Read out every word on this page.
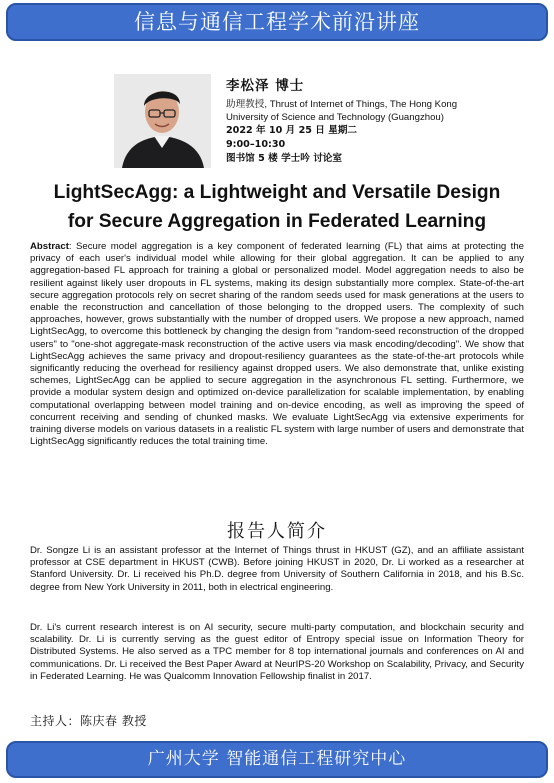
信息与通信工程学术前沿讲座
李松泽 博士
助理教授, Thrust of Internet of Things, The Hong Kong
University of Science and Technology (Guangzhou)
2022 年 10 月 25 日 星期二
9:00–10:30
图书馆 5 楼 学士吟 讨论室
LightSecAgg: a Lightweight and Versatile Design
for Secure Aggregation in Federated Learning
Abstract: Secure model aggregation is a key component of federated learning (FL) that aims at protecting the privacy of each user's individual model while allowing for their global aggregation. It can be applied to any aggregation-based FL approach for training a global or personalized model. Model aggregation needs to also be resilient against likely user dropouts in FL systems, making its design substantially more complex. State-of-the-art secure aggregation protocols rely on secret sharing of the random seeds used for mask generations at the users to enable the reconstruction and cancellation of those belonging to the dropped users. The complexity of such approaches, however, grows substantially with the number of dropped users. We propose a new approach, named LightSecAgg, to overcome this bottleneck by changing the design from "random-seed reconstruction of the dropped users" to "one-shot aggregate-mask reconstruction of the active users via mask encoding/decoding". We show that LightSecAgg achieves the same privacy and dropout-resiliency guarantees as the state-of-the-art protocols while significantly reducing the overhead for resiliency against dropped users. We also demonstrate that, unlike existing schemes, LightSecAgg can be applied to secure aggregation in the asynchronous FL setting. Furthermore, we provide a modular system design and optimized on-device parallelization for scalable implementation, by enabling computational overlapping between model training and on-device encoding, as well as improving the speed of concurrent receiving and sending of chunked masks. We evaluate LightSecAgg via extensive experiments for training diverse models on various datasets in a realistic FL system with large number of users and demonstrate that LightSecAgg significantly reduces the total training time.
报告人简介
Dr. Songze Li is an assistant professor at the Internet of Things thrust in HKUST (GZ), and an affiliate assistant professor at CSE department in HKUST (CWB). Before joining HKUST in 2020, Dr. Li worked as a researcher at Stanford University. Dr. Li received his Ph.D. degree from University of Southern California in 2018, and his B.Sc. degree from New York University in 2011, both in electrical engineering.
Dr. Li's current research interest is on AI security, secure multi-party computation, and blockchain security and scalability. Dr. Li is currently serving as the guest editor of Entropy special issue on Information Theory for Distributed Systems. He also served as a TPC member for 8 top international journals and conferences on AI and communications. Dr. Li received the Best Paper Award at NeurIPS-20 Workshop on Scalability, Privacy, and Security in Federated Learning. He was Qualcomm Innovation Fellowship finalist in 2017.
主持人：陈庆春 教授
广州大学 智能通信工程研究中心
